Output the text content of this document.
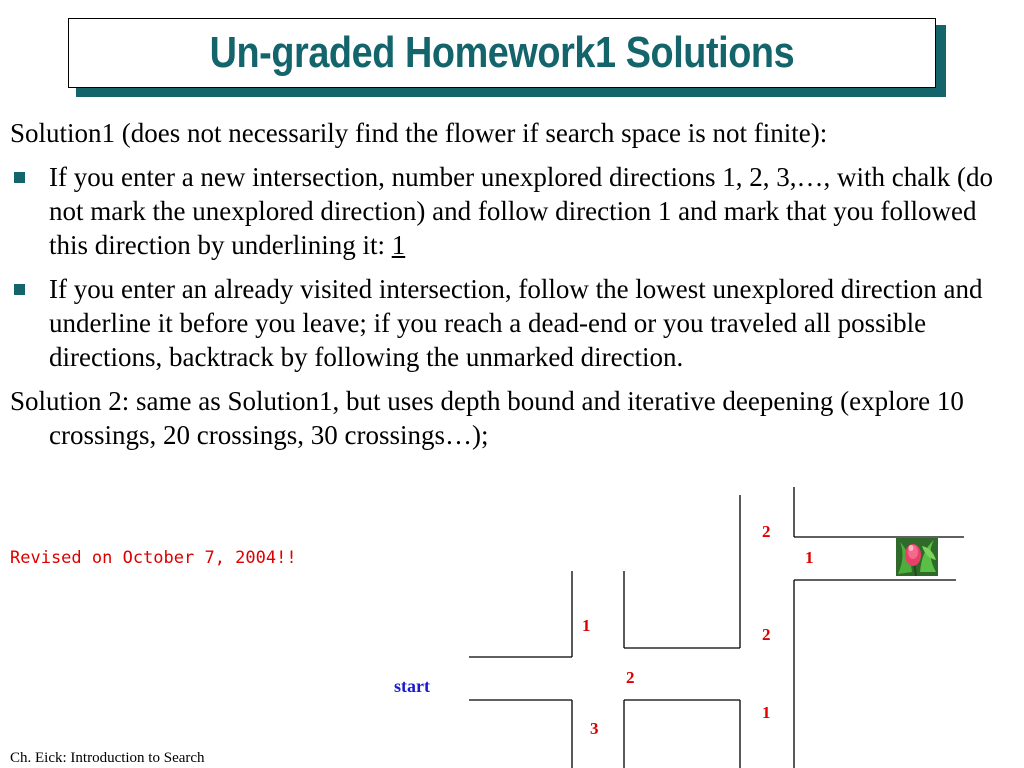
Un-graded Homework1 Solutions
Solution1 (does not necessarily find the flower if search space is not finite):
If you enter a new intersection, number unexplored directions 1, 2, 3,…, with chalk (do not mark the unexplored direction) and follow direction 1 and mark that you followed this direction by underlining it: 1
If you enter an already visited intersection, follow the lowest unexplored direction and underline it before you leave; if you reach a dead-end or you traveled all possible directions, backtrack by following the unmarked direction.
Solution 2: same as Solution1, but uses depth bound and iterative deepening (explore 10 crossings, 20 crossings, 30 crossings…);
Revised on October 7, 2004!!
start
1
2
3
2
1
2
1
Ch. Eick: Introduction to Search
